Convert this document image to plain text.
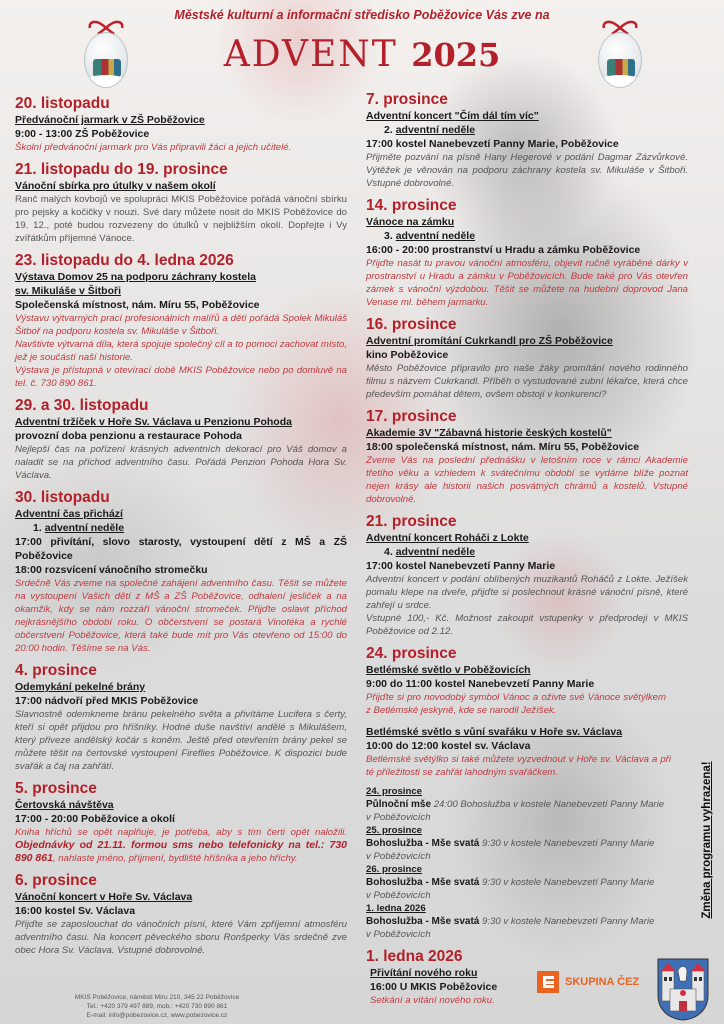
Městské kulturní a informační středisko Poběžovice Vás zve na
ADVENT 2025
20. listopadu
Předvánoční jarmark v ZŠ Poběžovice
9:00 - 13:00 ZŠ Poběžovice
Školní předvánoční jarmark pro Vás připravili žáci a jejich učitelé.
21. listopadu do 19. prosince
Vánoční sbírka pro útulky v našem okolí
Ranč malých kovbojů ve spolupráci MKIS Poběžovice pořádá vánoční sbírku pro pejsky a kočičky v nouzi. Své dary můžete nosit do MKIS Poběžovice do 19. 12., poté budou rozvezeny do útulků v nejbližším okolí. Dopřejte i Vy zvířátkům příjemné Vánoce.
23. listopadu do 4. ledna 2026
Výstava Domov 25 na podporu záchrany kostela
sv. Mikuláše v Šitboři
Společenská místnost, nám. Míru 55, Poběžovice
Výstavu výtvarných prací profesionálních malířů a dětí pořádá Spolek Mikuláš Šitboř na podporu kostela sv. Mikuláše v Šitboři.
Navštivte výtvarná díla, která spojuje společný cíl a to pomoci zachovat místo, jež je součástí naší historie.
Výstava je přístupná v otevírací době MKIS Poběžovice nebo po domluvě na tel. č. 730 890 861.
29. a 30. listopadu
Adventní tržíček v Hoře Sv. Václava u Penzionu Pohoda
provozní doba penzionu a restaurace Pohoda
Nejlepší čas na pořízení krásných adventních dekorací pro Váš domov a naladit se na příchod adventního času. Pořádá Penzion Pohoda Hora Sv. Václava.
30. listopadu
Adventní čas přichází
1. adventní neděle
17:00 přivítání, slovo starosty, vystoupení dětí z MŠ a ZŠ Poběžovice
18:00 rozsvícení vánočního stromečku
Srdečně Vás zveme na společné zahájení adventního času. Těšit se můžete na vystoupení Vašich dětí z MŠ a ZŠ Poběžovice, odhalení jesliček a na okamžik, kdy se nám rozzáří vánoční stromeček. Přijďte oslavit příchod nejkrásnějšího období roku. O občerstvení se postará Vinotéka a rychlé občerstvení Poběžovice, která také bude mít pro Vás otevřeno od 15:00 do 20:00 hodin. Těšíme se na Vás.
4. prosince
Odemykání pekelné brány
17:00 nádvoří před MKIS Poběžovice
Slavnostně odemkneme bránu pekelného světa a přivítáme Lucifera s čerty, kteří si opět přijdou pro hříšníky. Hodné duše navštíví andělé s Mikulášem, který přiveze andělský kočár s koněm. Ještě před otevřením brány pekel se můžete těšit na čertovské vystoupení Fireflies Poběžovice. K dispozici bude svařák a čaj na zahřátí.
5. prosince
Čertovská návštěva
17:00 - 20:00 Poběžovice a okolí
Kniha hříchů se opět naplňuje, je potřeba, aby s tím čerti opět naložili. Objednávky od 21.11. formou sms nebo telefonicky na tel.: 730 890 861, nahlaste jméno, příjmení, bydliště hříšníka a jeho hříchy.
6. prosince
Vánoční koncert v Hoře Sv. Václava
16:00 kostel Sv. Václava
Přijďte se zaposlouchat do vánočních písní, které Vám zpříjemní atmosféru adventního času. Na koncert pěveckého sboru Ronšperky Vás srdečně zve obec Hora Sv. Václava. Vstupné dobrovolné.
7. prosince
Adventní koncert "Čím dál tím víc"
2. adventní neděle
17:00 kostel Nanebevzetí Panny Marie, Poběžovice
Přijměte pozvání na písně Hany Hegerové v podání Dagmar Zázvůrkové. Výtěžek je věnován na podporu záchrany kostela sv. Mikuláše v Šitboři. Vstupné dobrovolné.
14. prosince
Vánoce na zámku
3. adventní neděle
16:00 - 20:00 prostranství u Hradu a zámku Poběžovice
Přijďte nasát tu pravou vánoční atmosféru, objevit ručně vyráběné dárky v prostranství u Hradu a zámku v Poběžovicích. Bude také pro Vás otevřen zámek s vánoční výzdobou. Těšit se můžete na hudební doprovod Jana Venase ml. během jarmarku.
16. prosince
Adventní promítání Cukrkandl pro ZŠ Poběžovice
kino Poběžovice
Město Poběžovice připravilo pro naše žáky promítání nového rodinného filmu s názvem Cukrkandl. Příběh o vystudované zubní lékařce, která chce především pomáhat dětem, ovšem obstojí v konkurenci?
17. prosince
Akademie 3V "Zábavná historie českých kostelů"
18:00 společenská místnost, nám. Míru 55, Poběžovice
Zveme Vás na poslední přednášku v letošním roce v rámci Akademie třetího věku a vzhledem k svátečnímu období se vydáme blíže poznat nejen krásy ale historii našich posvátných chrámů a kostelů. Vstupné dobrovolné.
21. prosince
Adventní koncert Roháči z Lokte
4. adventní neděle
17:00 kostel Nanebevzetí Panny Marie
Adventní koncert v podání oblíbených muzikantů Roháčů z Lokte. Ježíšek pomalu klepe na dveře, přijďte si poslechnout krásné vánoční písně, které zahřejí u srdce.
Vstupné 100,- Kč. Možnost zakoupit vstupenky v předprodeji v MKIS Poběžovice od 2.12.
24. prosince
Betlémské světlo v Poběžovicích
9:00 do 11:00 kostel Nanebevzetí Panny Marie
Přijďte si pro novodobý symbol Vánoc a oživte své Vánoce světýlkem z Betlémské jeskyně, kde se narodil Ježíšek.
Betlémské světlo s vůní svařáku v Hoře sv. Václava
10:00 do 12:00 kostel sv. Václava
Betlémské světýlko si také můžete vyzvednout v Hoře sv. Václava a při té příležitosti se zahřát lahodným svařáčkem.
24. prosince
Půlnoční mše 24:00 Bohoslužba v kostele Nanebevzetí Panny Marie
v Poběžovicích
25. prosince
Bohoslužba - Mše svatá 9:30 v kostele Nanebevzetí Panny Marie
v Poběžovicích
26. prosince
Bohoslužba - Mše svatá 9:30 v kostele Nanebevzetí Panny Marie
v Poběžovicích
1. ledna 2026
Bohoslužba - Mše svatá 9:30 v kostele Nanebevzetí Panny Marie
v Poběžovicích
1. ledna 2026
Přivítání nového roku
16:00 U MKIS Poběžovice
Setkání a vítání nového roku.
Změna programu vyhrazena!
MKIS Poběžovice, náměstí Míru 210, 345 22 Poběžovice
Tel.: +420 379 497 889, mob.: +420 730 890 861
E-mail: info@pobezovice.cz, www.pobezovice.cz
SKUPINA ČEZ
